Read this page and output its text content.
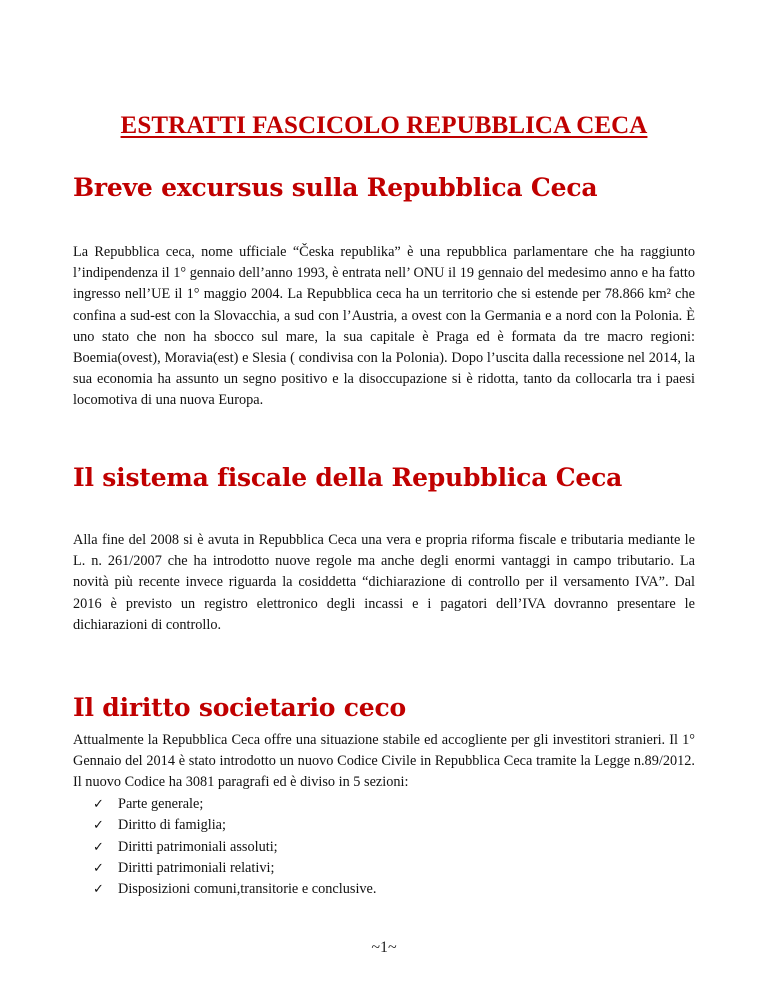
ESTRATTI FASCICOLO REPUBBLICA CECA
Breve excursus sulla Repubblica Ceca

La Repubblica ceca, nome ufficiale “Česka republika” è una repubblica parlamentare che ha raggiunto l’indipendenza il 1° gennaio dell’anno 1993, è entrata nell’ ONU il 19 gennaio del medesimo anno e ha fatto ingresso nell’UE il 1° maggio 2004. La Repubblica ceca ha un territorio che si estende per 78.866 km² che confina a sud-est con la Slovacchia, a sud con l’Austria, a ovest con la Germania e a nord con la Polonia. È uno stato che non ha sbocco sul mare, la sua capitale è Praga ed è formata da tre macro regioni: Boemia(ovest), Moravia(est) e Slesia ( condivisa con la Polonia). Dopo l’uscita dalla recessione nel 2014, la sua economia ha assunto un segno positivo e la disoccupazione si è ridotta, tanto da collocarla tra i paesi locomotiva di una nuova Europa.

Il sistema fiscale della Repubblica Ceca

Alla fine del 2008 si è avuta in Repubblica Ceca una vera e propria riforma fiscale e tributaria mediante le L. n. 261/2007 che ha introdotto nuove regole ma anche degli enormi vantaggi in campo tributario. La novità più recente invece riguarda la cosiddetta “dichiarazione di controllo per il versamento IVA”. Dal 2016 è previsto un registro elettronico degli incassi e i pagatori dell’IVA dovranno presentare le dichiarazioni di controllo.

Il diritto societario ceco

Attualmente la Repubblica Ceca offre una situazione stabile ed accogliente per gli investitori stranieri. Il 1° Gennaio del 2014 è stato introdotto un nuovo Codice Civile in Repubblica Ceca tramite la Legge n.89/2012. Il nuovo Codice ha 3081 paragrafi ed è diviso in 5 sezioni:

✓ Parte generale;
✓ Diritto di famiglia;
✓ Diritti patrimoniali assoluti;
✓ Diritti patrimoniali relativi;
✓ Disposizioni comuni,transitorie e conclusive.
~1~
